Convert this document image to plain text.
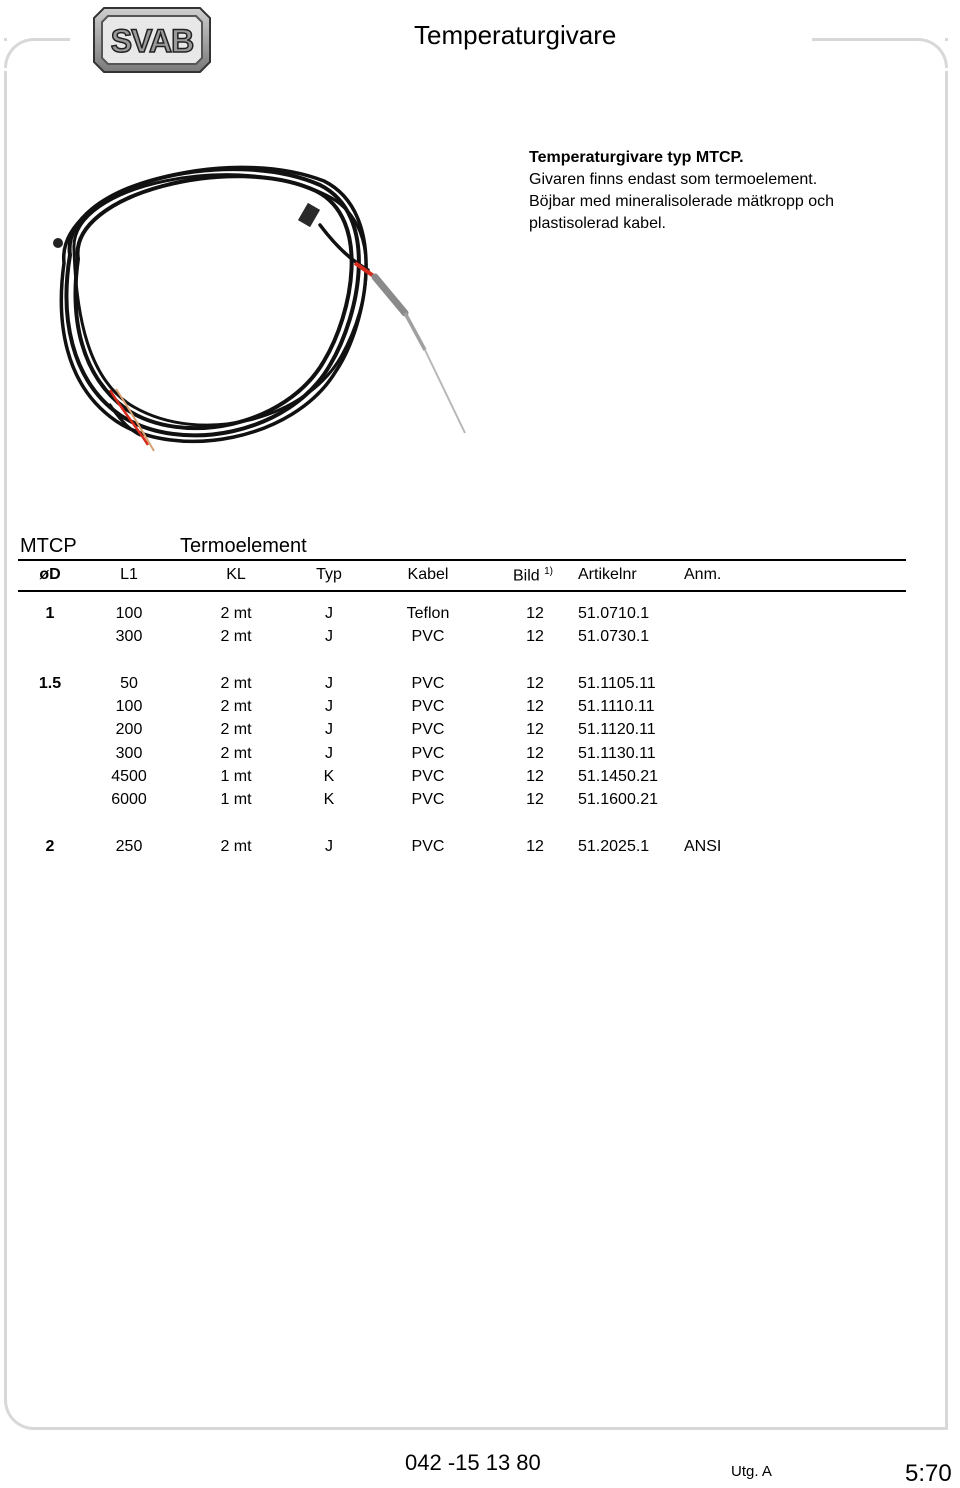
SVAB	Temperaturgivare
Temperaturgivare typ MTCP.
Givaren finns endast som termoelement.
Böjbar med mineralisolerade mätkropp och
plastisolerad kabel.
MTCP	Termoelement
øD	L1	KL	Typ	Kabel	Bild $^{1)}$ Artikelnr	Anm.
1	100	2 mt	J	Teflon	12 51.0710.1
300	2 mt	J	PVC	12 51.0730.1
1.5	50	2 mt	J	PVC	12 51.1105.11
100	2 mt	J	PVC	12 51.1110.11
200	2 mt	J	PVC	12 51.1120.11
300	2 mt	J	PVC	12 51.1130.11
4500	1 mt	K	PVC	12 51.1450.21
6000	1 mt	K	PVC	12 51.1600.21
2	250	2 mt	J	PVC	12 51.2025.1 ANSI
042 -15 13 80	Utg. A	5:70
